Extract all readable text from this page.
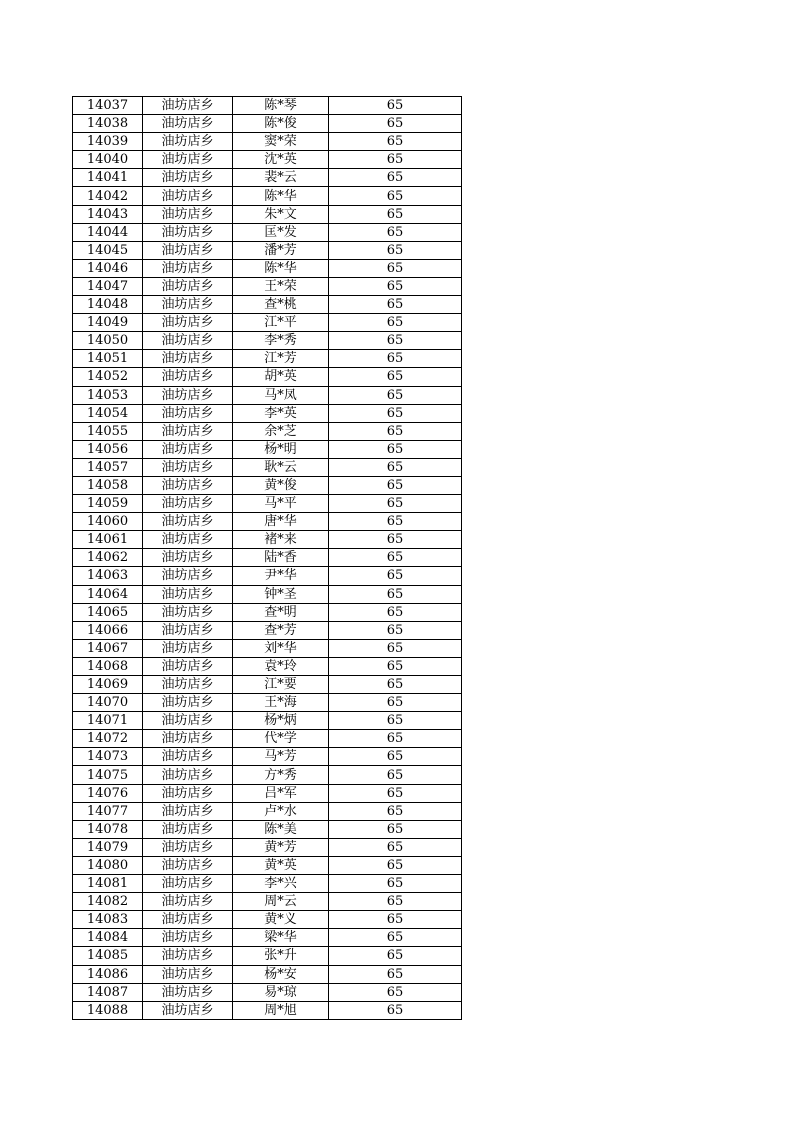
14037	油坊店乡	陈*琴	65
14038	油坊店乡	陈*俊	65
14039	油坊店乡	窦*荣	65
14040	油坊店乡	沈*英	65
14041	油坊店乡	裴*云	65
14042	油坊店乡	陈*华	65
14043	油坊店乡	朱*文	65
14044	油坊店乡	匡*发	65
14045	油坊店乡	潘*芳	65
14046	油坊店乡	陈*华	65
14047	油坊店乡	王*荣	65
14048	油坊店乡	查*桃	65
14049	油坊店乡	江*平	65
14050	油坊店乡	李*秀	65
14051	油坊店乡	江*芳	65
14052	油坊店乡	胡*英	65
14053	油坊店乡	马*凤	65
14054	油坊店乡	李*英	65
14055	油坊店乡	余*芝	65
14056	油坊店乡	杨*明	65
14057	油坊店乡	耿*云	65
14058	油坊店乡	黄*俊	65
14059	油坊店乡	马*平	65
14060	油坊店乡	唐*华	65
14061	油坊店乡	褚*来	65
14062	油坊店乡	陆*香	65
14063	油坊店乡	尹*华	65
14064	油坊店乡	钟*圣	65
14065	油坊店乡	查*明	65
14066	油坊店乡	查*芳	65
14067	油坊店乡	刘*华	65
14068	油坊店乡	袁*玲	65
14069	油坊店乡	江*要	65
14070	油坊店乡	王*海	65
14071	油坊店乡	杨*炳	65
14072	油坊店乡	代*学	65
14073	油坊店乡	马*芳	65
14075	油坊店乡	方*秀	65
14076	油坊店乡	吕*军	65
14077	油坊店乡	卢*水	65
14078	油坊店乡	陈*美	65
14079	油坊店乡	黄*芳	65
14080	油坊店乡	黄*英	65
14081	油坊店乡	李*兴	65
14082	油坊店乡	周*云	65
14083	油坊店乡	黄*义	65
14084	油坊店乡	梁*华	65
14085	油坊店乡	张*升	65
14086	油坊店乡	杨*安	65
14087	油坊店乡	易*琼	65
14088	油坊店乡	周*旭	65
